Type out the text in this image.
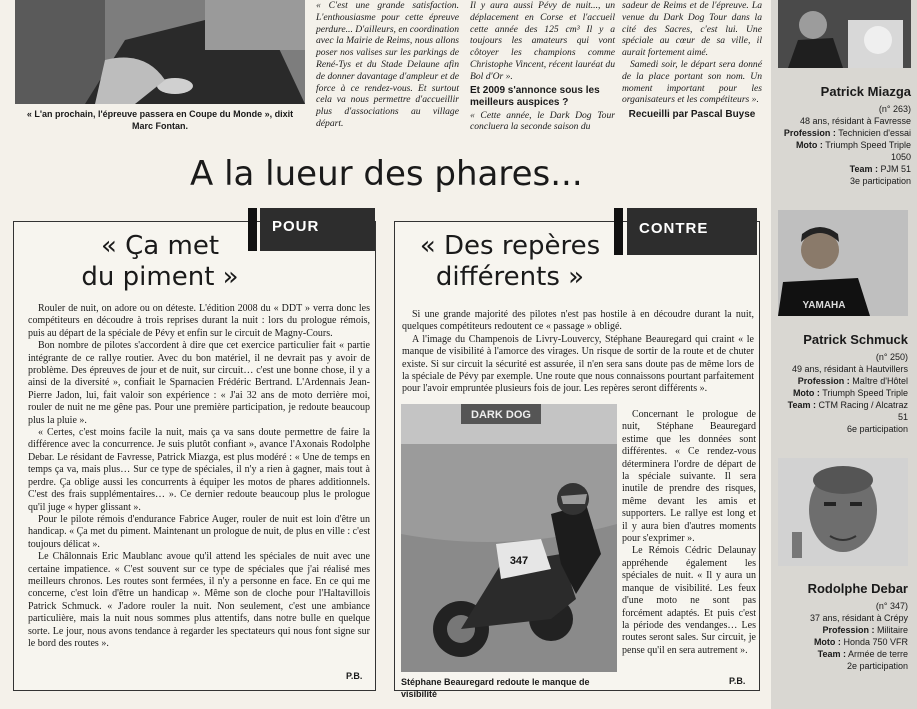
« L'an prochain, l'épreuve passera en Coupe du Monde », dixit Marc Fontan.
« C'est une grande satisfaction. L'enthousiasme pour cette épreuve perdure... D'ailleurs, en coordination avec la Mairie de Reims, nous allons poser nos valises sur les parkings de René-Tys et du Stade Delaune afin de donner davantage d'ampleur et de force à ce rendez-vous. Et surtout cela va nous permettre d'accueillir plus d'associations au village départ.
Il y aura aussi Pévy de nuit..., un déplacement en Corse et l'accueil cette année des 125 cm³ Il y a toujours les amateurs qui vont côtoyer les champions comme Christophe Vincent, récent lauréat du Bol d'Or ».
Et 2009 s'annonce sous les meilleurs auspices ?
« Cette année, le Dark Dog Tour concluera la seconde saison du
sadeur de Reims et de l'épreuve. La venue du Dark Dog Tour dans la cité des Sacres, c'est lui. Une spéciale au cœur de sa ville, il aurait fortement aimé.
Samedi soir, le départ sera donné de la place portant son nom. Un moment important pour les organisateurs et les compétiteurs ».
Recueilli par Pascal Buyse
A la lueur des phares...
POUR
« Ça met
du piment »

Rouler de nuit, on adore ou on déteste. L'édition 2008 du « DDT » verra donc les compétiteurs en découdre à trois reprises durant la nuit : lors du prologue rémois, puis au départ de la spéciale de Pévy et enfin sur le circuit de Magny-Cours.

Bon nombre de pilotes s'accordent à dire que cet exercice particulier fait « partie intégrante de ce rallye routier. Avec du bon matériel, il ne devrait pas y avoir de problème. Des épreuves de jour et de nuit, sur circuit… c'est une bonne chose, il y a ainsi de la diversité », confiait le Sparnacien Frédéric Bertrand. L'Ardennais Jean-Pierre Jadon, lui, fait valoir son expérience : « J'ai 32 ans de moto derrière moi, rouler de nuit ne me gêne pas. Pour une première participation, je redoute beaucoup plus la pluie ».

« Certes, c'est moins facile la nuit, mais ça va sans doute permettre de faire la différence avec la concurrence. Je suis plutôt confiant », avance l'Axonais Rodolphe Debar. Le résidant de Favresse, Patrick Miazga, est plus modéré : « Une de temps en temps ça va, mais plus… Sur ce type de spéciales, il n'y a rien à gagner, mais tout à perdre. Ça oblige aussi les concurrents à équiper les motos de phares additionnels. C'est des frais supplémentaires… ». Ce dernier redoute beaucoup plus le prologue qu'il juge « hyper glissant ».

Pour le pilote rémois d'endurance Fabrice Auger, rouler de nuit est loin d'être un handicap. « Ça met du piment. Maintenant un prologue de nuit, de plus en ville : c'est toujours délicat ».

Le Châlonnais Eric Maublanc avoue qu'il attend les spéciales de nuit avec une certaine impatience. « C'est souvent sur ce type de spéciales que j'ai réalisé mes meilleurs chronos. Les routes sont fermées, il n'y a personne en face. En ce qui me concerne, c'est loin d'être un handicap ». Même son de cloche pour l'Haltavillois Patrick Schmuck. « J'adore rouler la nuit. Non seulement, c'est une ambiance particulière, mais la nuit nous sommes plus attentifs, dans notre bulle en quelque sorte. Le jour, nous avons tendance à regarder les spectateurs qui nous font signe sur le bord des routes ».

P.B.
CONTRE
« Des repères
différents »

Si une grande majorité des pilotes n'est pas hostile à en découdre durant la nuit, quelques compétiteurs redoutent ce « passage » obligé.

A l'image du Champenois de Livry-Louvercy, Stéphane Beauregard qui craint « le manque de visibilité à l'amorce des virages. Un risque de sortir de la route et de chuter existe. Si sur circuit la sécurité est assurée, il n'en sera sans doute pas de même lors de la spéciale de Pévy par exemple. Une route que nous connaissons pourtant parfaitement pour l'avoir empruntée plusieurs fois de jour. Les repères seront différents ».

DARK DOG
347
Stéphane Beauregard redoute le manque de visibilité

Concernant le prologue de nuit, Stéphane Beauregard estime que les données sont différentes. « Ce rendez-vous déterminera l'ordre de départ de la spéciale suivante. Il sera inutile de prendre des risques, même devant les amis et supporters. Le rallye est long et il y aura bien d'autres moments pour s'exprimer ».

Le Rémois Cédric Delaunay appréhende également les spéciales de nuit. « Il y aura un manque de visibilité. Les feux d'une moto ne sont pas forcément adaptés. Et puis c'est la période des vendanges… Les routes seront sales. Sur circuit, je pense qu'il en sera autrement ».

P.B.
Patrick Miazga
(n° 263)
48 ans, résidant à Favresse
Profession : Technicien d'essai
Moto : Triumph Speed Triple 1050
Team : PJM 51
3e participation
YAMAHA
Patrick Schmuck
(n° 250)
49 ans, résidant à Hautvillers
Profession : Maître d'Hôtel
Moto : Triumph Speed Triple
Team : CTM Racing / Alcatraz 51
6e participation
Rodolphe Debar
(n° 347)
37 ans, résidant à Crépy
Profession : Militaire
Moto : Honda 750 VFR
Team : Armée de terre
2e participation
